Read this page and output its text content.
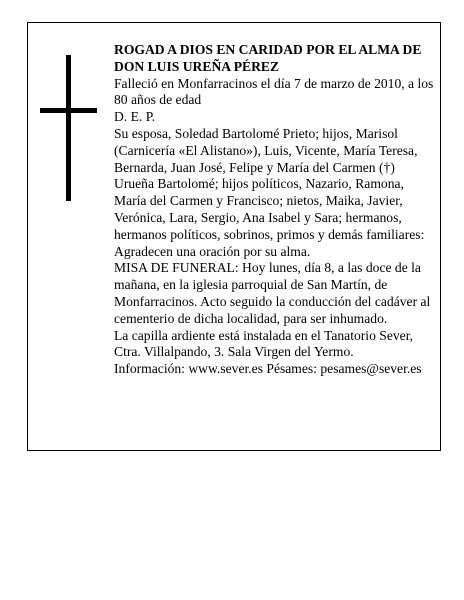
ROGAD A DIOS EN CARIDAD POR EL ALMA DE

DON LUIS UREÑA PÉREZ

Falleció en Monfarracinos el día 7 de marzo de 2010, a los 80 años de edad

D. E. P.

Su esposa, Soledad Bartolomé Prieto; hijos, Marisol (Carnicería «El Alistano»), Luis, Vicente, María Teresa, Bernarda, Juan José, Felipe y María del Carmen (†) Urueña Bartolomé; hijos políticos, Nazario, Ramona, María del Carmen y Francisco; nietos, Maika, Javier, Verónica, Lara, Sergio, Ana Isabel y Sara; hermanos, hermanos políticos, sobrinos, primos y demás familiares:

Agradecen una oración por su alma.

MISA DE FUNERAL: Hoy lunes, día 8, a las doce de la mañana, en la iglesia parroquial de San Martín, de Monfarracinos. Acto seguido la conducción del cadáver al cementerio de dicha localidad, para ser inhumado.

La capilla ardiente está instalada en el Tanatorio Sever, Ctra. Villalpando, 3. Sala Virgen del Yermo.

Información: www.sever.es Pésames: pesames@sever.es
